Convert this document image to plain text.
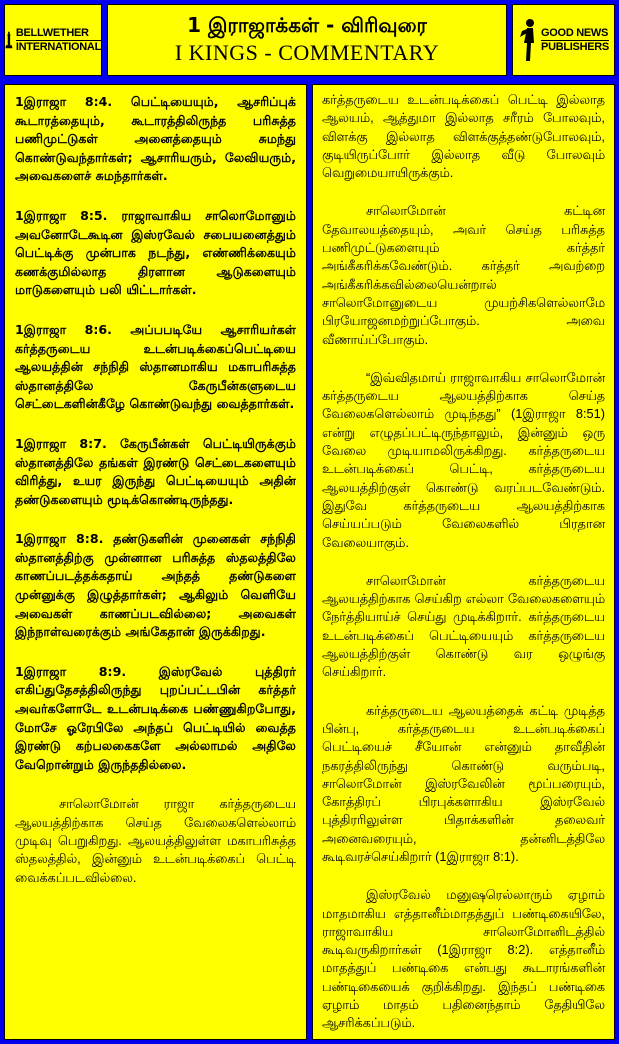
BELLWETHER
INTERNATIONAL
1 இராஜாக்கள் - விரிவுரை
I KINGS - COMMENTARY
GOOD NEWS
PUBLISHERS

1இராஜா 8:4. பெட்டியையும், ஆசரிப்புக் கூடாரத்தையும், கூடாரத்திலிருந்த பரிசுத்த பணிமுட்டுகள் அனைத்தையும் சுமந்து கொண்டுவந்தார்கள்; ஆசாரியரும், லேவியரும், அவைகளைச் சுமந்தார்கள்.

1இராஜா 8:5. ராஜாவாகிய சாலொமோனும் அவனோடேகூடின இஸ்ரவேல் சபையனைத்தும் பெட்டிக்கு முன்பாக நடந்து, எண்ணிக்கையும் கணக்குமில்லாத திரளான ஆடுகளையும் மாடுகளையும் பலி யிட்டார்கள்.

1இராஜா 8:6. அப்பபடியே ஆசாரியர்கள் கர்த்தருடைய உடன்படிக்கைப்பெட்டியை ஆலயத்தின் சந்நிதி ஸ்தானமாகிய மகாபரிசுத்த ஸ்தானத்திலே கேருபீன்களுடைய செட்டைகளின்கீழே கொண்டுவந்து வைத்தார்கள்.

1இராஜா 8:7. கேருபீன்கள் பெட்டியிருக்கும் ஸ்தானத்திலே தங்கள் இரண்டு செட்டைகளையும் விரித்து, உயர இருந்து பெட்டியையும் அதின் தண்டுகளையும் மூடிக்கொண்டிருந்தது.

1இராஜா 8:8. தண்டுகளின் முனைகள் சந்நிதி ஸ்தானத்திற்கு முன்னான பரிசுத்த ஸ்தலத்திலே காணப்படத்தக்கதாய் அந்தத் தண்டுகளை முன்னுக்கு இழுத்தார்கள்; ஆகிலும் வெளியே அவைகள் காணப்படவில்லை; அவைகள் இந்நாள்வரைக்கும் அங்கேதான் இருக்கிறது.

1இராஜா 8:9. இஸ்ரவேல் புத்திரர் எகிப்துதேசத்திலிருந்து புறப்பட்டபின் கர்த்தர் அவர்களோடே உடன்படிக்கை பண்ணுகிறபோது, மோசே ஓரேபிலே அந்தப் பெட்டியில் வைத்த இரண்டு கற்பலகைகளே அல்லாமல் அதிலே வேறொன்றும் இருந்ததில்லை.

சாலொமோன் ராஜா கர்த்தருடைய ஆலயத்திற்காக செய்த வேலைகளெல்லாம் முடிவு பெறுகிறது. ஆலயத்திலுள்ள மகாபரிசுத்த ஸ்தலத்தில், இன்னும் உடன்படிக்கைப் பெட்டி வைக்கப்படவில்லை.

கர்த்தருடைய உடன்படிக்கைப் பெட்டி இல்லாத ஆலயம், ஆத்துமா இல்லாத சரீரம் போலவும், விளக்கு இல்லாத விளக்குத்தண்டுபோலவும், குடியிருப்போர் இல்லாத வீடு போலவும் வெறுமையாயிருக்கும்.

சாலொமோன் கட்டின தேவாலயத்தையும், அவர் செய்த பரிசுத்த பணிமுட்டுகளையும் கர்த்தர் அங்கீகரிக்கவேண்டும். கர்த்தர் அவற்றை அங்கீகரிக்கவில்லையென்றால் சாலொமோனுடைய முயற்சிகளெல்லாமே பிரயோஜனமற்றுப்போகும். அவை வீணாய்ப்போகும்.

“இவ்விதமாய் ராஜாவாகிய சாலொமோன் கர்த்தருடைய ஆலயத்திற்காக செய்த வேலைகளெல்லாம் முடிந்தது” (1இராஜா 8:51) என்று எழுதப்பட்டிருந்தாலும், இன்னும் ஒரு வேலை முடியாமலிருக்கிறது. கர்த்தருடைய உடன்படிக்கைப் பெட்டி, கர்த்தருடைய ஆலயத்திற்குள் கொண்டு வரப்படவேண்டும். இதுவே கர்த்தருடைய ஆலயத்திற்காக செய்யப்படும் வேலைகளில் பிரதான வேலையாகும்.

சாலொமோன் கர்த்தருடைய ஆலயத்திற்காக செய்கிற எல்லா வேலைகளையும் நேர்த்தியாய்ச் செய்து முடிக்கிறார். கர்த்தருடைய உடன்படிக்கைப் பெட்டியையும் கர்த்தருடைய ஆலயத்திற்குள் கொண்டு வர ஒழுங்கு செய்கிறார்.

கர்த்தருடைய ஆலயத்தைக் கட்டி முடித்த பின்பு, கர்த்தருடைய உடன்படிக்கைப் பெட்டியைச் சீயோன் என்னும் தாவீதின் நகரத்திலிருந்து கொண்டு வரும்படி, சாலொமோன் இஸ்ரவேலின் மூப்பரையும், கோத்திரப் பிரபுக்களாகிய இஸ்ரவேல் புத்திரரிலுள்ள பிதாக்களின் தலைவர் அனைவரையும், தன்னிடத்திலே கூடிவரச்செய்கிறார் (1இராஜா 8:1).

இஸ்ரவேல் மனுஷரெல்லாரும் ஏழாம் மாதமாகிய எத்தானீம்மாதத்துப் பண்டிகையிலே, ராஜாவாகிய சாலொமோனிடத்தில் கூடிவருகிறார்கள் (1இராஜா 8:2). எத்தானீம் மாதத்துப் பண்டிகை என்பது கூடாரங்களின் பண்டிகையைக் குறிக்கிறது. இந்தப் பண்டிகை ஏழாம் மாதம் பதினைந்தாம் தேதியிலே ஆசரிக்கப்படும்.
